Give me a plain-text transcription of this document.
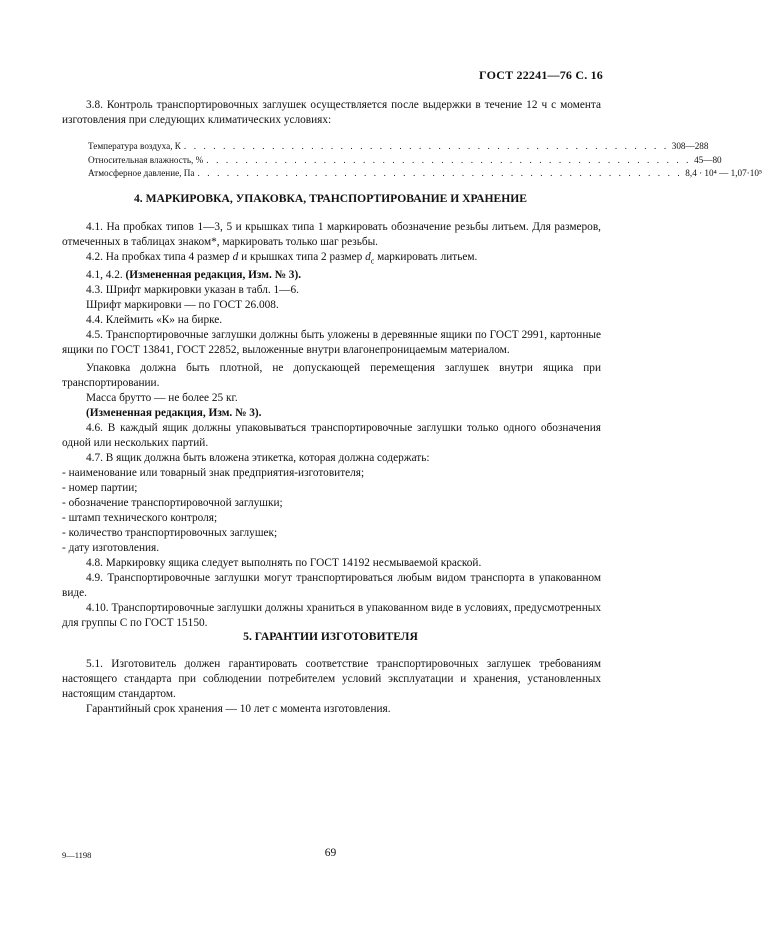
ГОСТ 22241—76 С. 16

3.8. Контроль транспортировочных заглушек осуществляется после выдержки в течение 12 ч с момента изготовления при следующих климатических условиях:

Температура воздуха, К . . . . . . . . . . . . . . . . . . . . . . . . . . . . . . . . . . . . . . . . . . . . . . . . . . 308—288
Относительная влажность, % . . . . . . . . . . . . . . . . . . . . . . . . . . . . . . . . . . . . . . . . . . . . . . . . . . 45—80
Атмосферное давление, Па . . . . . . . . . . . . . . . . . . . . . . . . . . . . . . . . . . . . . . . . . . . . . . . . . . 8,4 · 10⁴ — 1,07·10⁵
4. МАРКИРОВКА, УПАКОВКА, ТРАНСПОРТИРОВАНИЕ И ХРАНЕНИЕ

4.1. На пробках типов 1—3, 5 и крышках типа 1 маркировать обозначение резьбы литьем. Для размеров, отмеченных в таблицах знаком*, маркировать только шаг резьбы.

4.2. На пробках типа 4 размер d и крышках типа 2 размер $d_c$ маркировать литьем.

4.1, 4.2. (Измененная редакция, Изм. № 3).

4.3. Шрифт маркировки указан в табл. 1—6.

Шрифт маркировки — по ГОСТ 26.008.

4.4. Клеймить «К» на бирке.

4.5. Транспортировочные заглушки должны быть уложены в деревянные ящики по ГОСТ 2991, картонные ящики по ГОСТ 13841, ГОСТ 22852, выложенные внутри влагонепроницаемым материалом.

Упаковка должна быть плотной, не допускающей перемещения заглушек внутри ящика при транспортировании.

Масса брутто — не более 25 кг.

(Измененная редакция, Изм. № 3).

4.6. В каждый ящик должны упаковываться транспортировочные заглушки только одного обозначения одной или нескольких партий.

4.7. В ящик должна быть вложена этикетка, которая должна содержать:

- наименование или товарный знак предприятия-изготовителя;

- номер партии;

- обозначение транспортировочной заглушки;

- штамп технического контроля;

- количество транспортировочных заглушек;

- дату изготовления.

4.8. Маркировку ящика следует выполнять по ГОСТ 14192 несмываемой краской.

4.9. Транспортировочные заглушки могут транспортироваться любым видом транспорта в упакованном виде.

4.10. Транспортировочные заглушки должны храниться в упакованном виде в условиях, предусмотренных для группы С по ГОСТ 15150.

5. ГАРАНТИИ ИЗГОТОВИТЕЛЯ

5.1. Изготовитель должен гарантировать соответствие транспортировочных заглушек требованиям настоящего стандарта при соблюдении потребителем условий эксплуатации и хранения, установленных настоящим стандартом.

Гарантийный срок хранения — 10 лет с момента изготовления.

9—1198	69
